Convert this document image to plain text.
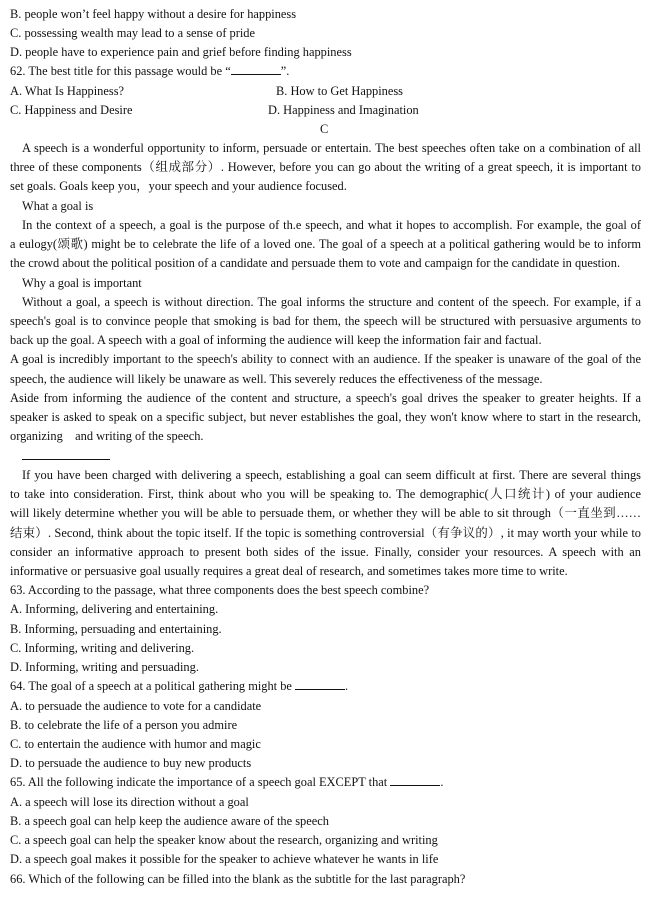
B. people won’t feel happy without a desire for happiness
C. possessing wealth may lead to a sense of pride
D. people have to experience pain and grief before finding happiness
62. The best title for this passage would be “	”.
A. What Is Happiness?	B. How to Get Happiness
C. Happiness and Desire	D. Happiness and Imagination
C
A speech is a wonderful opportunity to inform, persuade or entertain. The best speeches often take on a combination of all
three of these components（组成部分）. However, before you can go about the writing of a great speech, it is important to
set goals. Goals keep you，your speech and your audience focused.
What a goal is
In the context of a speech, a goal is the purpose of th.e speech, and what it hopes to accomplish. For example, the goal of
a eulogy(颂歌) might be to celebrate the life of a loved one. The goal of a speech at a political gathering would be to inform
the crowd about the political position of a candidate and persuade them to vote and campaign for the candidate in question.
Why a goal is important
Without a goal, a speech is without direction. The goal informs the structure and content of the speech. For example, if a
speech's goal is to convince people that smoking is bad for them, the speech will be structured with persuasive arguments to
back up the goal. A speech with a goal of informing the audience will keep the information fair and factual.
A goal is incredibly important to the speech's ability to connect with an audience. If the speaker is unaware of the goal of the
speech, the audience will likely be unaware as well. This severely reduces the effectiveness of the message.
Aside from informing the audience of the content and structure, a speech's goal drives the speaker to greater heights. If a
speaker is asked to speak on a specific subject, but never establishes the goal, they won't know where to start in the research,
organizing　and writing of the speech.
If you have been charged with delivering a speech, establishing a goal can seem difficult at first. There are several things
to take into consideration. First, think about who you will be speaking to. The demographic(人口统计) of your audience
will likely determine whether you will be able to persuade them, or whether they will be able to sit through（一直坐到……
结束）. Second, think about the topic itself. If the topic is something controversial（有争议的）, it may worth your while to
consider an informative approach to present both sides of the issue. Finally, consider your resources. A speech with an
informative or persuasive goal usually requires a great deal of research, and sometimes takes more time to write.
63. According to the passage, what three components does the best speech combine?
A. Informing, delivering and entertaining.
B. Informing, persuading and entertaining.
C. Informing, writing and delivering.
D. Informing, writing and persuading.
64. The goal of a speech at a political gathering might be	.
A. to persuade the audience to vote for a candidate
B. to celebrate the life of a person you admire
C. to entertain the audience with humor and magic
D. to persuade the audience to buy new products
65. All the following indicate the importance of a speech goal EXCEPT that	.
A. a speech will lose its direction without a goal
B. a speech goal can help keep the audience aware of the speech
C. a speech goal can help the speaker know about the research, organizing and writing
D. a speech goal makes it possible for the speaker to achieve whatever he wants in life
66. Which of the following can be filled into the blank as the subtitle for the last paragraph?
